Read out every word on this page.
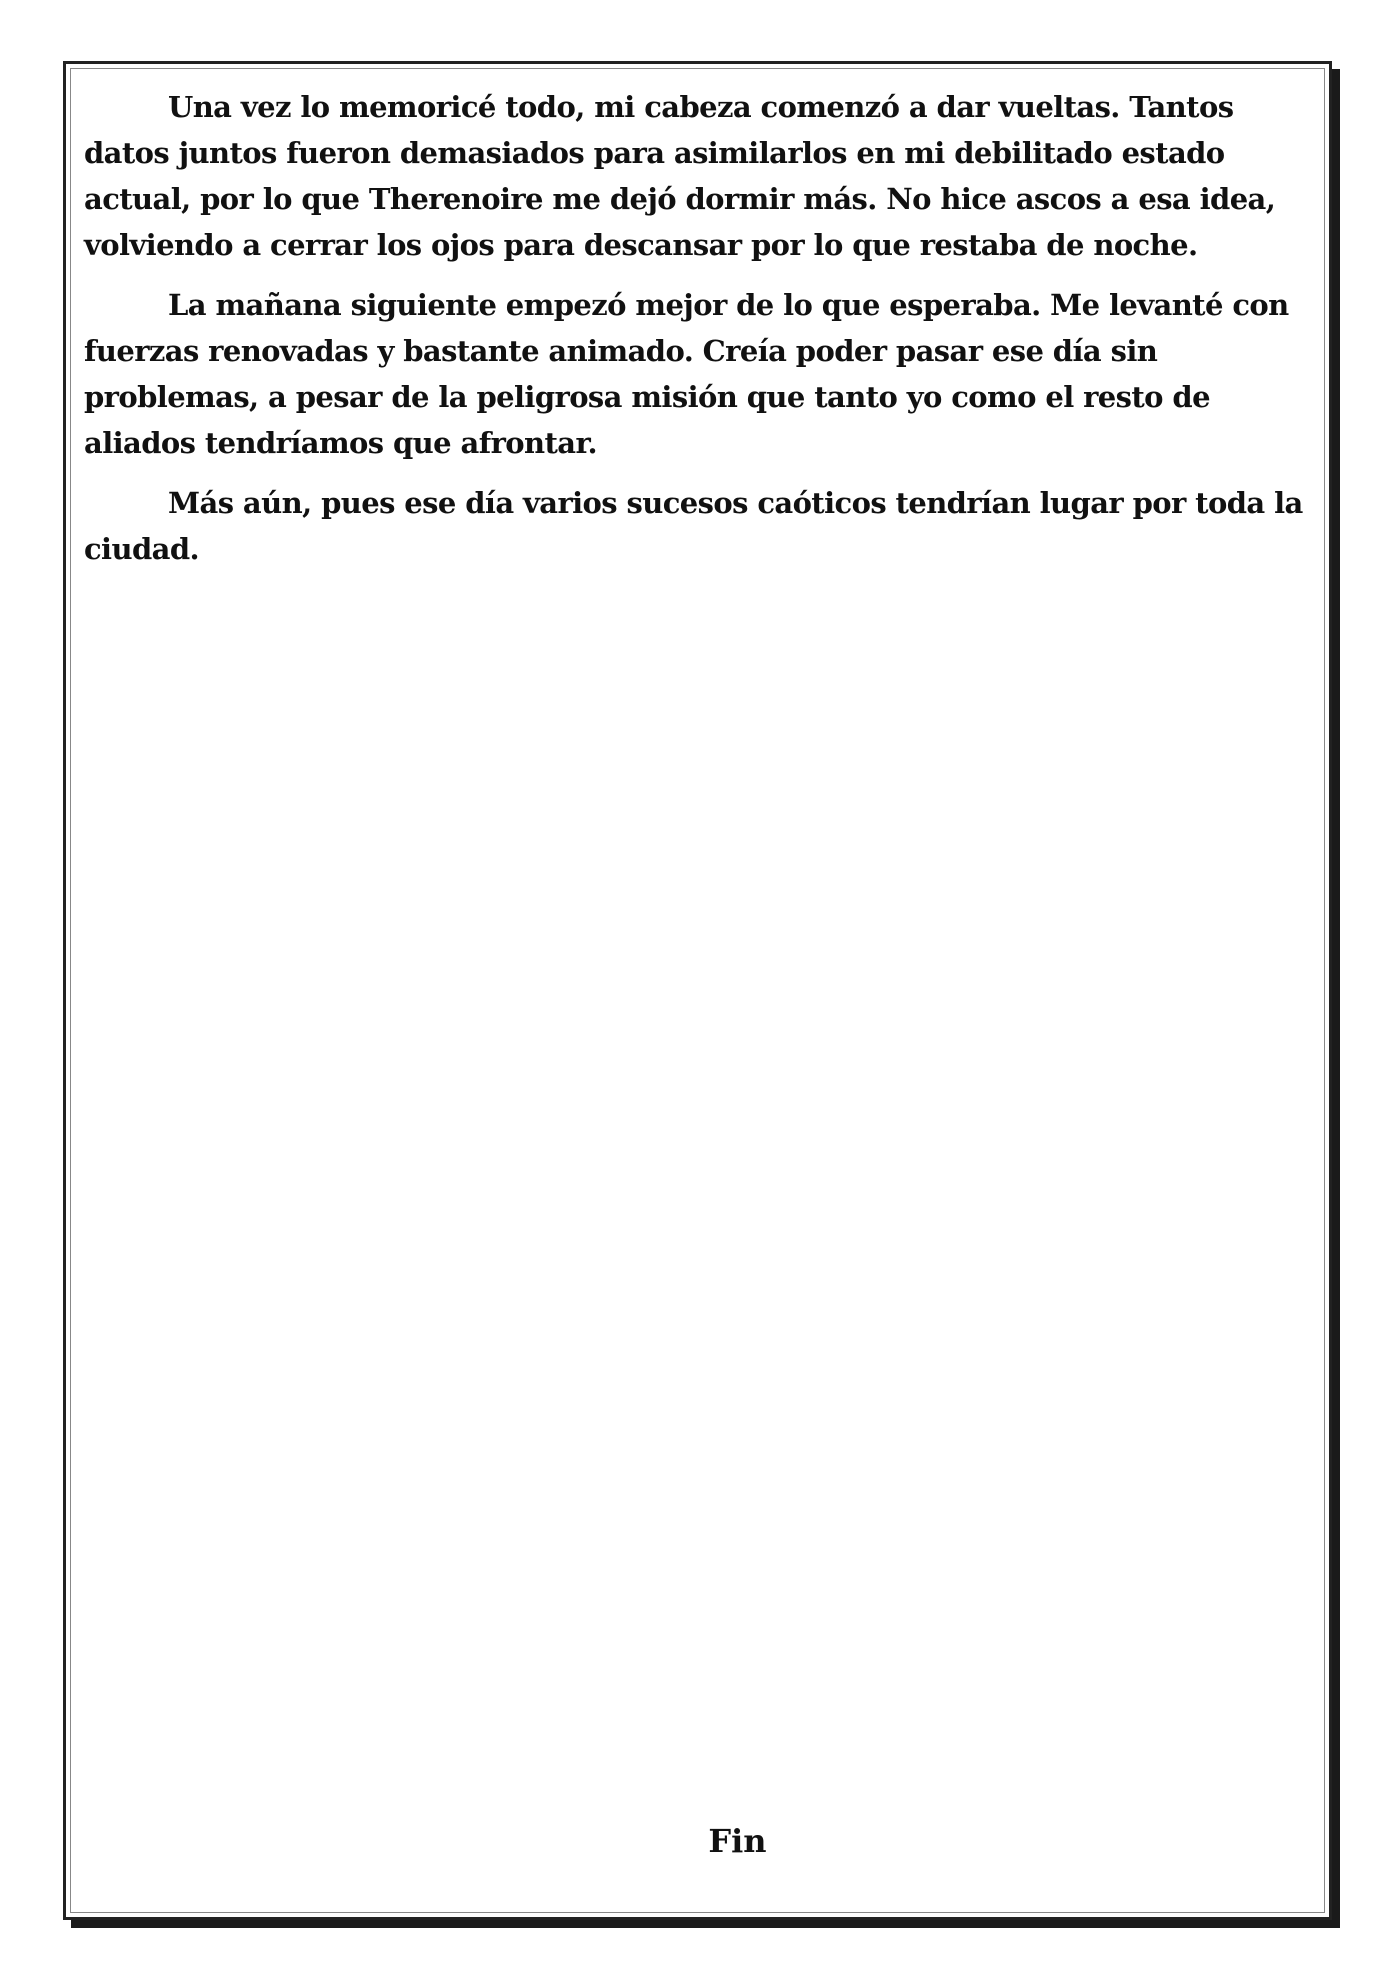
Una vez lo memoricé todo, mi cabeza comenzó a dar vueltas. Tantos datos juntos fueron demasiados para asimilarlos en mi debilitado estado actual, por lo que Therenoire me dejó dormir más. No hice ascos a esa idea, volviendo a cerrar los ojos para descansar por lo que restaba de noche.

La mañana siguiente empezó mejor de lo que esperaba. Me levanté con fuerzas renovadas y bastante animado. Creía poder pasar ese día sin problemas, a pesar de la peligrosa misión que tanto yo como el resto de aliados tendríamos que afrontar.

Más aún, pues ese día varios sucesos caóticos tendrían lugar por toda la ciudad.

Fin
